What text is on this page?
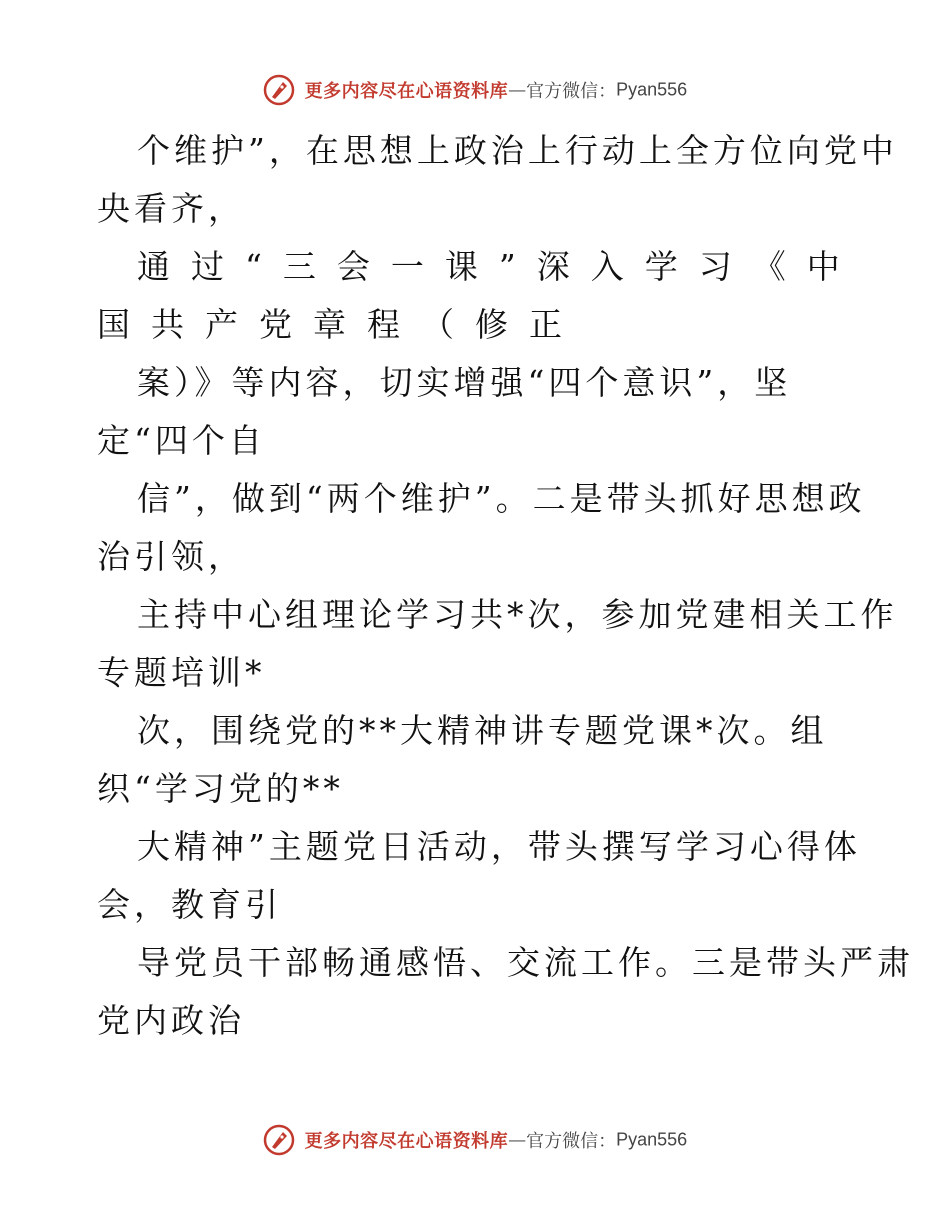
更多内容尽在心语资料库—官方微信：Pyan556
个维护”，在思想上政治上行动上全方位向党中
央看齐，
通过“三会一课”深入学习《中
国共产党章程（修正
案）》等内容，切实增强“四个意识”，坚
定“四个自
信”，做到“两个维护”。二是带头抓好思想政
治引领，
主持中心组理论学习共*次，参加党建相关工作
专题培训*
次，围绕党的**大精神讲专题党课*次。组
织“学习党的**
大精神”主题党日活动，带头撰写学习心得体
会，教育引
导党员干部畅通感悟、交流工作。三是带头严肃
党内政治
更多内容尽在心语资料库—官方微信：Pyan556
